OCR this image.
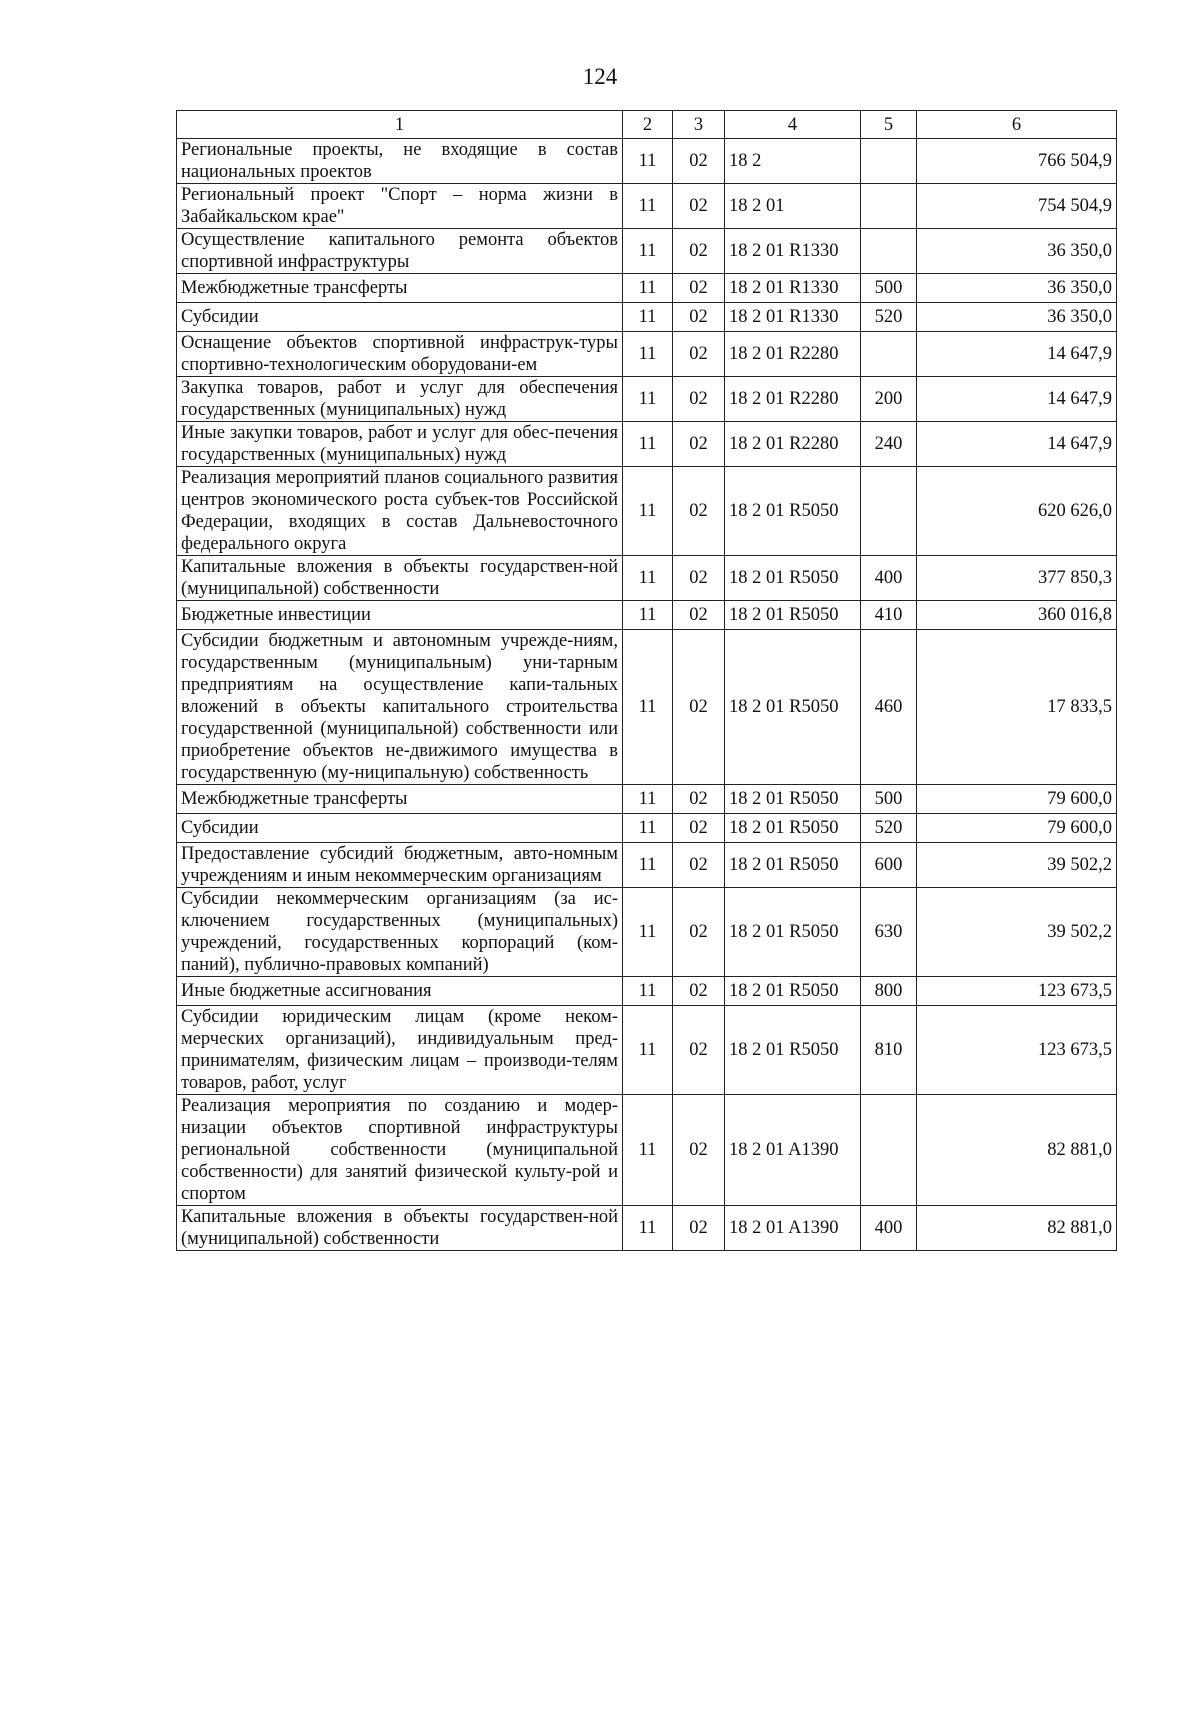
124
1	2	3	4	5	6
Региональные проекты, не входящие в состав национальных проектов	11	02	18 2		766 504,9
Региональный проект "Спорт – норма жизни в Забайкальском крае"	11	02	18 2 01		754 504,9
Осуществление капитального ремонта объектов спортивной инфраструктуры	11	02	18 2 01 R1330		36 350,0
Межбюджетные трансферты	11	02	18 2 01 R1330	500	36 350,0
Субсидии	11	02	18 2 01 R1330	520	36 350,0
Оснащение объектов спортивной инфраструк-туры спортивно-технологическим оборудовани-ем	11	02	18 2 01 R2280		14 647,9
Закупка товаров, работ и услуг для обеспечения государственных (муниципальных) нужд	11	02	18 2 01 R2280	200	14 647,9
Иные закупки товаров, работ и услуг для обес-печения государственных (муниципальных) нужд	11	02	18 2 01 R2280	240	14 647,9
Реализация мероприятий планов социального развития центров экономического роста субъек-тов Российской Федерации, входящих в состав Дальневосточного федерального округа	11	02	18 2 01 R5050		620 626,0
Капитальные вложения в объекты государствен-ной (муниципальной) собственности	11	02	18 2 01 R5050	400	377 850,3
Бюджетные инвестиции	11	02	18 2 01 R5050	410	360 016,8
Субсидии бюджетным и автономным учрежде-ниям, государственным (муниципальным) уни-тарным предприятиям на осуществление капи-тальных вложений в объекты капитального строительства государственной (муниципальной) собственности или приобретение объектов не-движимого имущества в государственную (му-ниципальную) собственность	11	02	18 2 01 R5050	460	17 833,5
Межбюджетные трансферты	11	02	18 2 01 R5050	500	79 600,0
Субсидии	11	02	18 2 01 R5050	520	79 600,0
Предоставление субсидий бюджетным, авто-номным учреждениям и иным некоммерческим организациям	11	02	18 2 01 R5050	600	39 502,2
Субсидии некоммерческим организациям (за ис-ключением государственных (муниципальных) учреждений, государственных корпораций (ком-паний), публично-правовых компаний)	11	02	18 2 01 R5050	630	39 502,2
Иные бюджетные ассигнования	11	02	18 2 01 R5050	800	123 673,5
Субсидии юридическим лицам (кроме неком-мерческих организаций), индивидуальным пред-принимателям, физическим лицам – производи-телям товаров, работ, услуг	11	02	18 2 01 R5050	810	123 673,5
Реализация мероприятия по созданию и модер-низации объектов спортивной инфраструктуры региональной собственности (муниципальной собственности) для занятий физической культу-рой и спортом	11	02	18 2 01 A1390		82 881,0
Капитальные вложения в объекты государствен-ной (муниципальной) собственности	11	02	18 2 01 A1390	400	82 881,0
